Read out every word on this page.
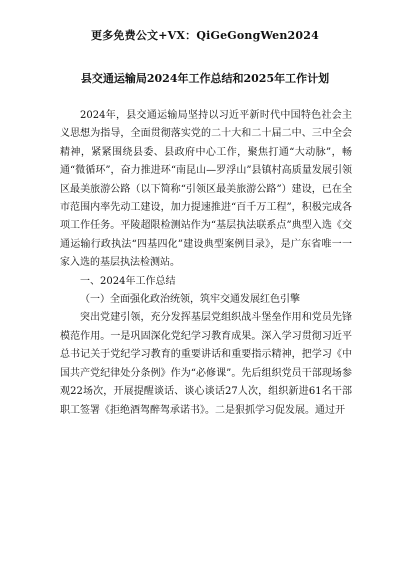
更多免费公文+VX：QiGeGongWen2024
县交通运输局2024年工作总结和2025年工作计划

2024年，县交通运输局坚持以习近平新时代中国特色社会主义思想为指导，全面贯彻落实党的二十大和二十届二中、三中全会精神，紧紧围绕县委、县政府中心工作，聚焦打通“大动脉”，畅通“微循环”，奋力推进环“南昆山—罗浮山”县镇村高质量发展引领区最美旅游公路（以下简称“引领区最美旅游公路”）建设，已在全市范围内率先动工建设，加力提速推进“百千万工程”，积极完成各项工作任务。平陵超限检测站作为“基层执法联系点”典型入选《交通运输行政执法“四基四化”建设典型案例目录》，是广东省唯一一家入选的基层执法检测站。

一、2024年工作总结

（一）全面强化政治统领，筑牢交通发展红色引擎

突出党建引领，充分发挥基层党组织战斗堡垒作用和党员先锋模范作用。一是巩固深化党纪学习教育成果。深入学习贯彻习近平总书记关于党纪学习教育的重要讲话和重要指示精神，把学习《中国共产党纪律处分条例》作为“必修课”。先后组织党员干部现场参观22场次，开展提醒谈话、谈心谈话27人次，组织新进61名干部职工签署《拒绝酒驾醉驾承诺书》。二是狠抓学习促发展。通过开
